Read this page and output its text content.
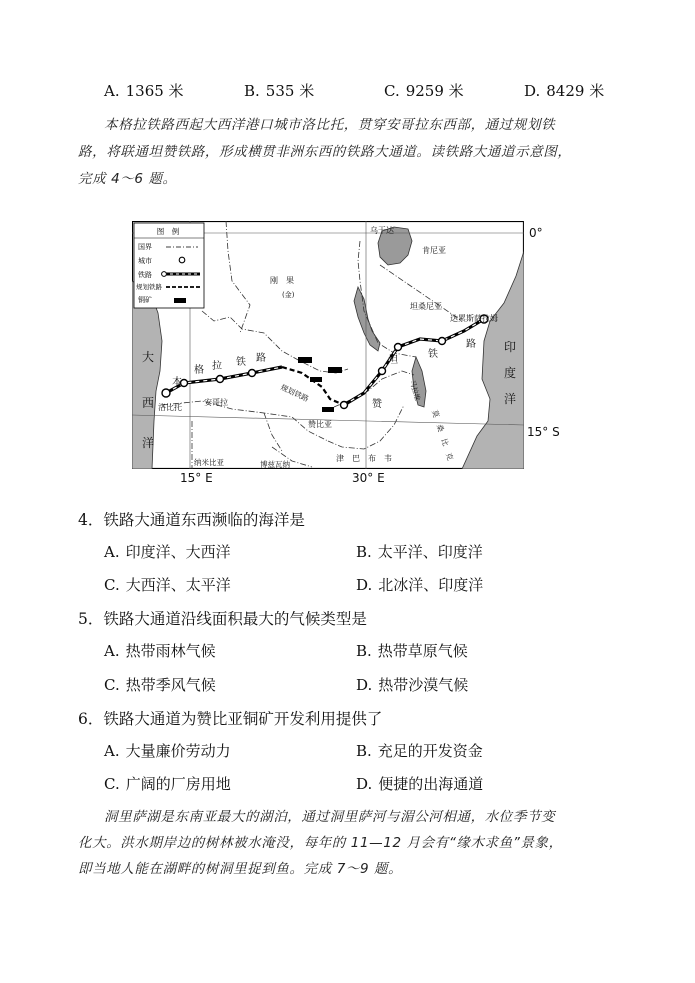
A. 1365 米	B. 535 米	C. 9259 米	D. 8429 米
本格拉铁路西起大西洋港口城市洛比托，贯穿安哥拉东西部，通过规划铁
路，将联通坦赞铁路，形成横贯非洲东西的铁路大通道。读铁路大通道示意图，
完成 4～6 题。
图　例
国界
城市
铁路
规划铁路
铜矿
乌干达
肯尼亚
刚　果
(金)
坦桑尼亚
达累斯萨拉姆
安哥拉
洛比托
赞比亚
津　巴　布　韦
纳米比亚	博兹瓦纳
马拉维
莫　桑　比　克
规划铁路
大
西
洋
印
度
洋
本
格 拉 铁 路	坦
赞
铁
路
0°
15° S
15° E	30° E
4．铁路大通道东西濒临的海洋是
A. 印度洋、大西洋	B. 太平洋、印度洋
C. 大西洋、太平洋	D. 北冰洋、印度洋
5．铁路大通道沿线面积最大的气候类型是
A. 热带雨林气候	B. 热带草原气候
C. 热带季风气候	D. 热带沙漠气候
6．铁路大通道为赞比亚铜矿开发利用提供了
A. 大量廉价劳动力	B. 充足的开发资金
C. 广阔的厂房用地	D. 便捷的出海通道
洞里萨湖是东南亚最大的湖泊，通过洞里萨河与湄公河相通，水位季节变
化大。洪水期岸边的树林被水淹没，每年的 11—12 月会有“缘木求鱼”景象，
即当地人能在湖畔的树洞里捉到鱼。完成 7～9 题。
